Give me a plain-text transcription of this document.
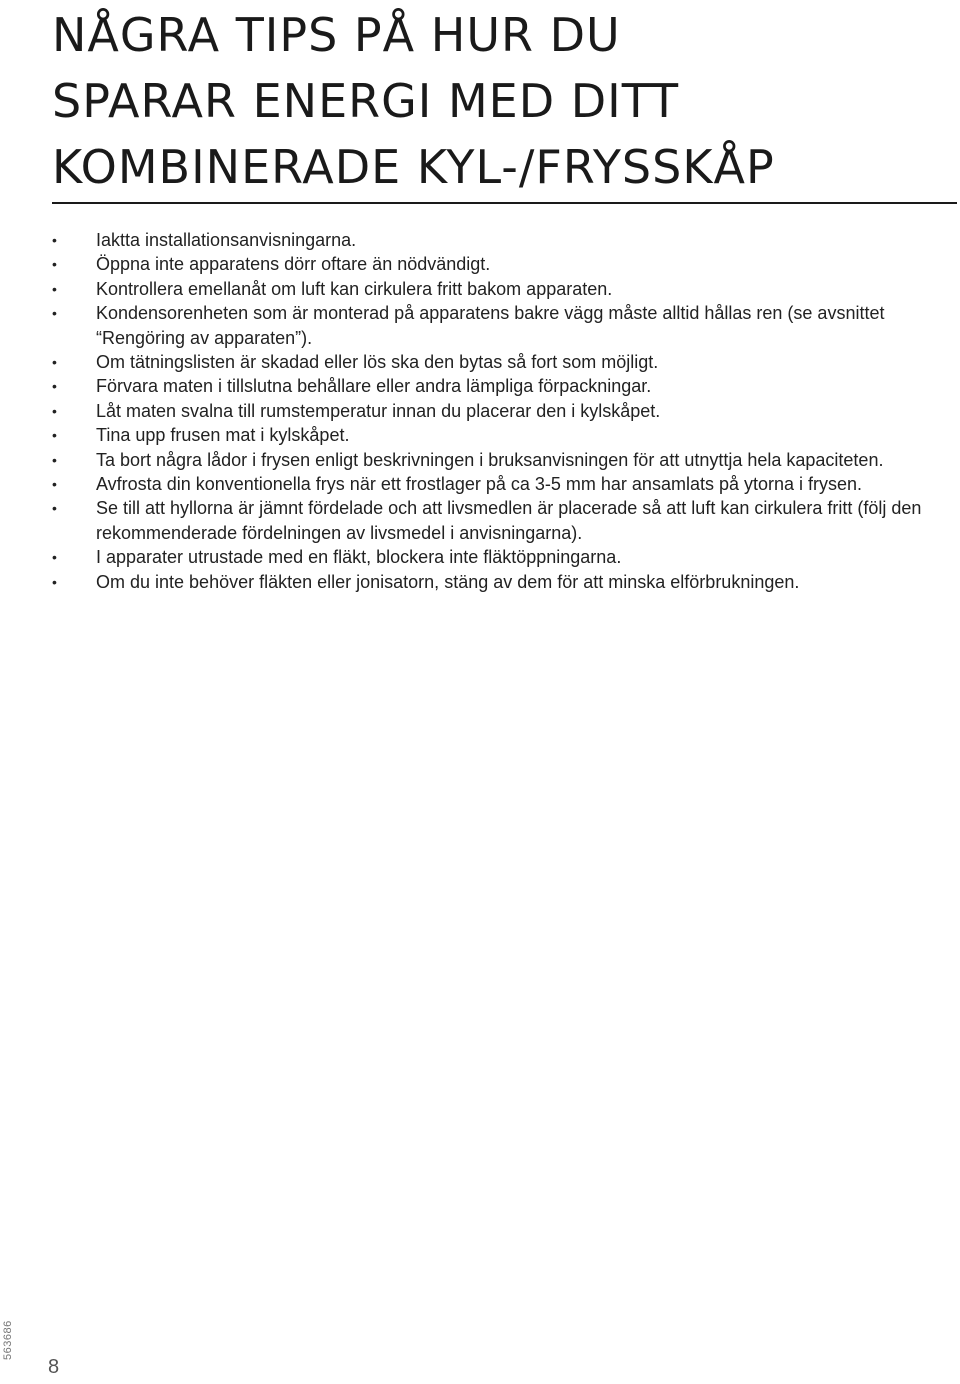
NÅGRA TIPS PÅ HUR DU
SPARAR ENERGI MED DITT
KOMBINERADE KYL-/FRYSSKÅP
• Iaktta installationsanvisningarna.
• Öppna inte apparatens dörr oftare än nödvändigt.
• Kontrollera emellanåt om luft kan cirkulera fritt bakom apparaten.
• Kondensorenheten som är monterad på apparatens bakre vägg måste alltid hållas ren (se avsnittet “Rengöring av apparaten”).
• Om tätningslisten är skadad eller lös ska den bytas så fort som möjligt.
• Förvara maten i tillslutna behållare eller andra lämpliga förpackningar.
• Låt maten svalna till rumstemperatur innan du placerar den i kylskåpet.
• Tina upp frusen mat i kylskåpet.
• Ta bort några lådor i frysen enligt beskrivningen i bruksanvisningen för att utnyttja hela kapaciteten.
• Avfrosta din konventionella frys när ett frostlager på ca 3-5 mm har ansamlats på ytorna i frysen.
• Se till att hyllorna är jämnt fördelade och att livsmedlen är placerade så att luft kan cirkulera fritt (följ den rekommenderade fördelningen av livsmedel i anvisningarna).
• I apparater utrustade med en fläkt, blockera inte fläktöppningarna.
• Om du inte behöver fläkten eller jonisatorn, stäng av dem för att minska elförbrukningen.
563686
8
